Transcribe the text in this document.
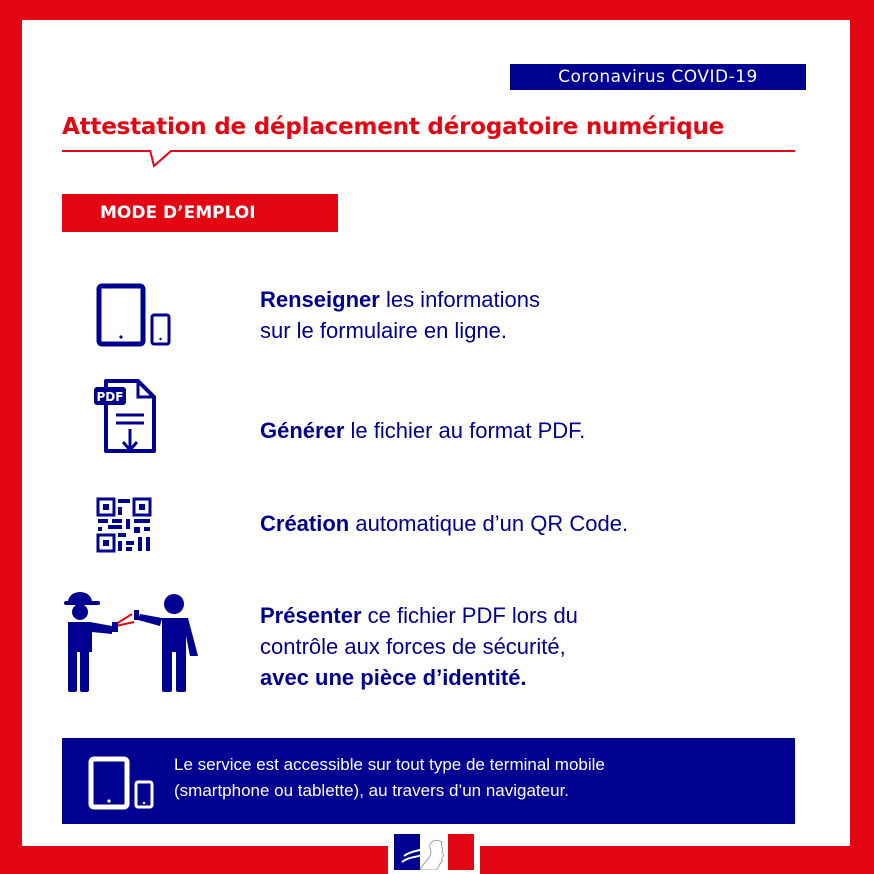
Coronavirus COVID-19
Attestation de déplacement dérogatoire numérique
MODE D’EMPLOI
Renseigner les informations
sur le formulaire en ligne.
PDF
Générer le fichier au format PDF.
Création automatique d’un QR Code.
Présenter ce fichier PDF lors du
contrôle aux forces de sécurité,
avec une pièce d’identité.
Le service est accessible sur tout type de terminal mobile
(smartphone ou tablette), au travers d’un navigateur.
